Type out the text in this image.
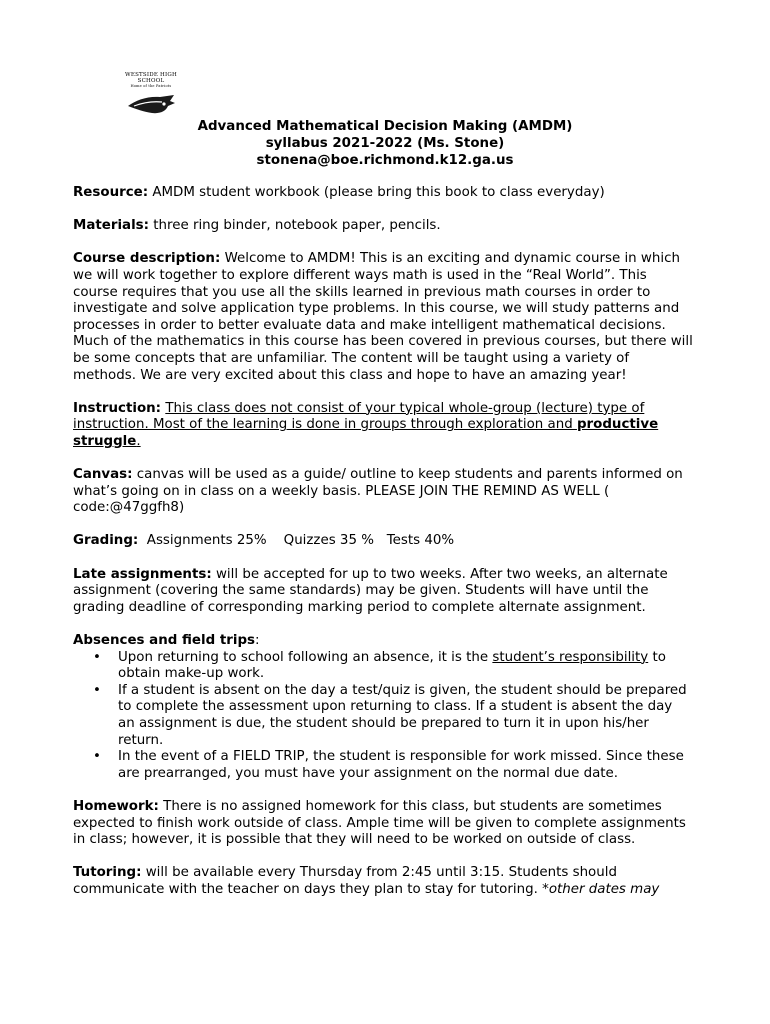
WESTSIDE HIGH
SCHOOL
Home of the Patriots
Advanced Mathematical Decision Making (AMDM)
syllabus 2021-2022 (Ms. Stone)
stonena@boe.richmond.k12.ga.us

Resource: AMDM student workbook (please bring this book to class everyday)

Materials: three ring binder, notebook paper, pencils.

Course description: Welcome to AMDM! This is an exciting and dynamic course in which we will work together to explore different ways math is used in the “Real World”. This course requires that you use all the skills learned in previous math courses in order to investigate and solve application type problems. In this course, we will study patterns and processes in order to better evaluate data and make intelligent mathematical decisions. Much of the mathematics in this course has been covered in previous courses, but there will be some concepts that are unfamiliar. The content will be taught using a variety of methods. We are very excited about this class and hope to have an amazing year!

Instruction: This class does not consist of your typical whole-group (lecture) type of instruction. Most of the learning is done in groups through exploration and productive struggle.

Canvas: canvas will be used as a guide/ outline to keep students and parents informed on what’s going on in class on a weekly basis. PLEASE JOIN THE REMIND AS WELL ( code:@47ggfh8)

Grading:  Assignments 25%    Quizzes 35 %   Tests 40%

Late assignments: will be accepted for up to two weeks. After two weeks, an alternate assignment (covering the same standards) may be given. Students will have until the grading deadline of corresponding marking period to complete alternate assignment.

Absences and field trips:
• Upon returning to school following an absence, it is the student’s responsibility to obtain make-up work.
• If a student is absent on the day a test/quiz is given, the student should be prepared to complete the assessment upon returning to class. If a student is absent the day an assignment is due, the student should be prepared to turn it in upon his/her return.
• In the event of a FIELD TRIP, the student is responsible for work missed. Since these are prearranged, you must have your assignment on the normal due date.

Homework: There is no assigned homework for this class, but students are sometimes expected to finish work outside of class. Ample time will be given to complete assignments in class; however, it is possible that they will need to be worked on outside of class.

Tutoring: will be available every Thursday from 2:45 until 3:15. Students should communicate with the teacher on days they plan to stay for tutoring. *other dates may
